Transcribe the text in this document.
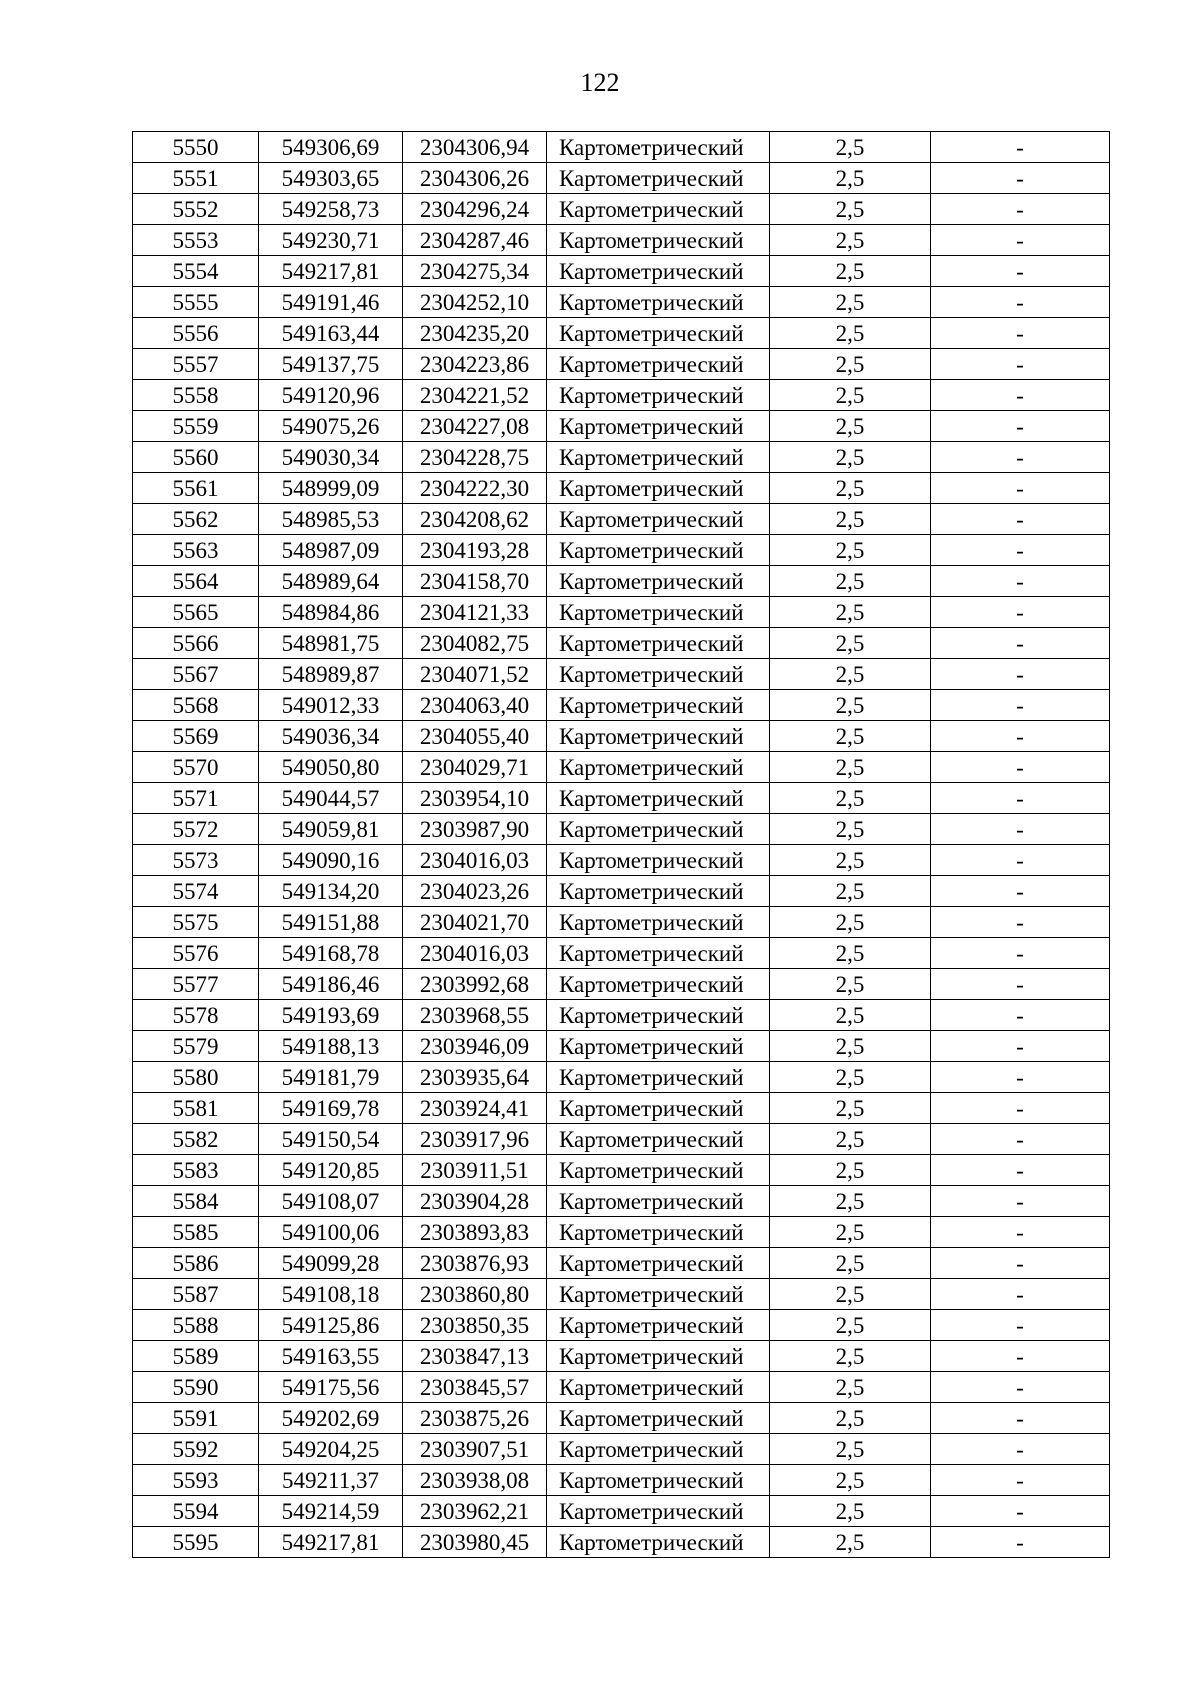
122
5550	549306,69	2304306,94	Картометрический	2,5	-
5551	549303,65	2304306,26	Картометрический	2,5	-
5552	549258,73	2304296,24	Картометрический	2,5	-
5553	549230,71	2304287,46	Картометрический	2,5	-
5554	549217,81	2304275,34	Картометрический	2,5	-
5555	549191,46	2304252,10	Картометрический	2,5	-
5556	549163,44	2304235,20	Картометрический	2,5	-
5557	549137,75	2304223,86	Картометрический	2,5	-
5558	549120,96	2304221,52	Картометрический	2,5	-
5559	549075,26	2304227,08	Картометрический	2,5	-
5560	549030,34	2304228,75	Картометрический	2,5	-
5561	548999,09	2304222,30	Картометрический	2,5	-
5562	548985,53	2304208,62	Картометрический	2,5	-
5563	548987,09	2304193,28	Картометрический	2,5	-
5564	548989,64	2304158,70	Картометрический	2,5	-
5565	548984,86	2304121,33	Картометрический	2,5	-
5566	548981,75	2304082,75	Картометрический	2,5	-
5567	548989,87	2304071,52	Картометрический	2,5	-
5568	549012,33	2304063,40	Картометрический	2,5	-
5569	549036,34	2304055,40	Картометрический	2,5	-
5570	549050,80	2304029,71	Картометрический	2,5	-
5571	549044,57	2303954,10	Картометрический	2,5	-
5572	549059,81	2303987,90	Картометрический	2,5	-
5573	549090,16	2304016,03	Картометрический	2,5	-
5574	549134,20	2304023,26	Картометрический	2,5	-
5575	549151,88	2304021,70	Картометрический	2,5	-
5576	549168,78	2304016,03	Картометрический	2,5	-
5577	549186,46	2303992,68	Картометрический	2,5	-
5578	549193,69	2303968,55	Картометрический	2,5	-
5579	549188,13	2303946,09	Картометрический	2,5	-
5580	549181,79	2303935,64	Картометрический	2,5	-
5581	549169,78	2303924,41	Картометрический	2,5	-
5582	549150,54	2303917,96	Картометрический	2,5	-
5583	549120,85	2303911,51	Картометрический	2,5	-
5584	549108,07	2303904,28	Картометрический	2,5	-
5585	549100,06	2303893,83	Картометрический	2,5	-
5586	549099,28	2303876,93	Картометрический	2,5	-
5587	549108,18	2303860,80	Картометрический	2,5	-
5588	549125,86	2303850,35	Картометрический	2,5	-
5589	549163,55	2303847,13	Картометрический	2,5	-
5590	549175,56	2303845,57	Картометрический	2,5	-
5591	549202,69	2303875,26	Картометрический	2,5	-
5592	549204,25	2303907,51	Картометрический	2,5	-
5593	549211,37	2303938,08	Картометрический	2,5	-
5594	549214,59	2303962,21	Картометрический	2,5	-
5595	549217,81	2303980,45	Картометрический	2,5	-
